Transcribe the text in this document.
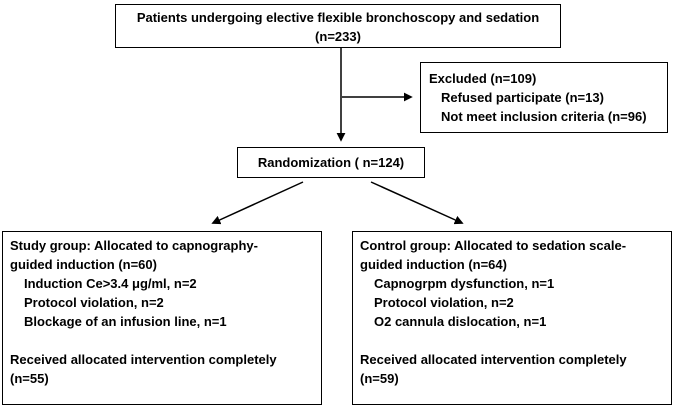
Patients undergoing elective flexible bronchoscopy and sedation
(n=233)
Excluded (n=109)
Refused participate (n=13)
Not meet inclusion criteria (n=96)
Randomization ( n=124)
Study group: Allocated to capnography-
guided induction (n=60)
Induction Ce>3.4 μg/ml, n=2
Protocol violation, n=2
Blockage of an infusion line, n=1
Received allocated intervention completely
(n=55)
Control group: Allocated to sedation scale-
guided induction (n=64)
Capnogrpm dysfunction, n=1
Protocol violation, n=2
O2 cannula dislocation, n=1
Received allocated intervention completely
(n=59)
